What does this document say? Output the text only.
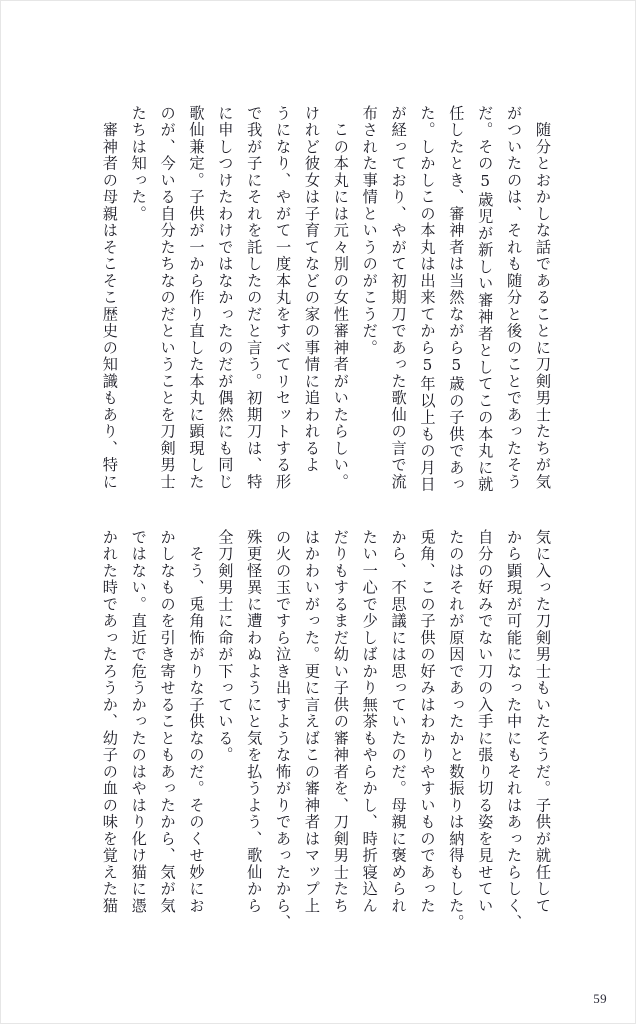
随分とおかしな話であることに刀剣男士たちが気
がついたのは、それも随分と後のことであったそう
だ。その5歳児が新しい審神者としてこの本丸に就
任したとき、審神者は当然ながら5歳の子供であっ
た。しかしこの本丸は出来てから5年以上もの月日
が経っており、やがて初期刀であった歌仙の言で流
布された事情というのがこうだ。
この本丸には元々別の女性審神者がいたらしい。
けれど彼女は子育てなどの家の事情に追われるよ
うになり、やがて一度本丸をすべてリセットする形
で我が子にそれを託したのだと言う。初期刀は、特
に申しつけたわけではなかったのだが偶然にも同じ
歌仙兼定。子供が一から作り直した本丸に顕現した
のが、今いる自分たちなのだということを刀剣男士
たちは知った。
審神者の母親はそこそこ歴史の知識もあり、特に
気に入った刀剣男士もいたそうだ。子供が就任して
から顕現が可能になった中にもそれはあったらしく、
自分の好みでない刀の入手に張り切る姿を見せてい
たのはそれが原因であったかと数振りは納得もした。
兎角、この子供の好みはわかりやすいものであった
から、不思議には思っていたのだ。母親に褒められ
たい一心で少しばかり無茶もやらかし、時折寝込ん
だりもするまだ幼い子供の審神者を、刀剣男士たち
はかわいがった。更に言えばこの審神者はマップ上
の火の玉ですら泣き出すような怖がりであったから、
殊更怪異に遭わぬようにと気を払うよう、歌仙から
全刀剣男士に命が下っている。
そう、兎角怖がりな子供なのだ。そのくせ妙にお
かしなものを引き寄せることもあったから、気が気
ではない。直近で危うかったのはやはり化け猫に憑
かれた時であったろうか、幼子の血の味を覚えた猫
59
